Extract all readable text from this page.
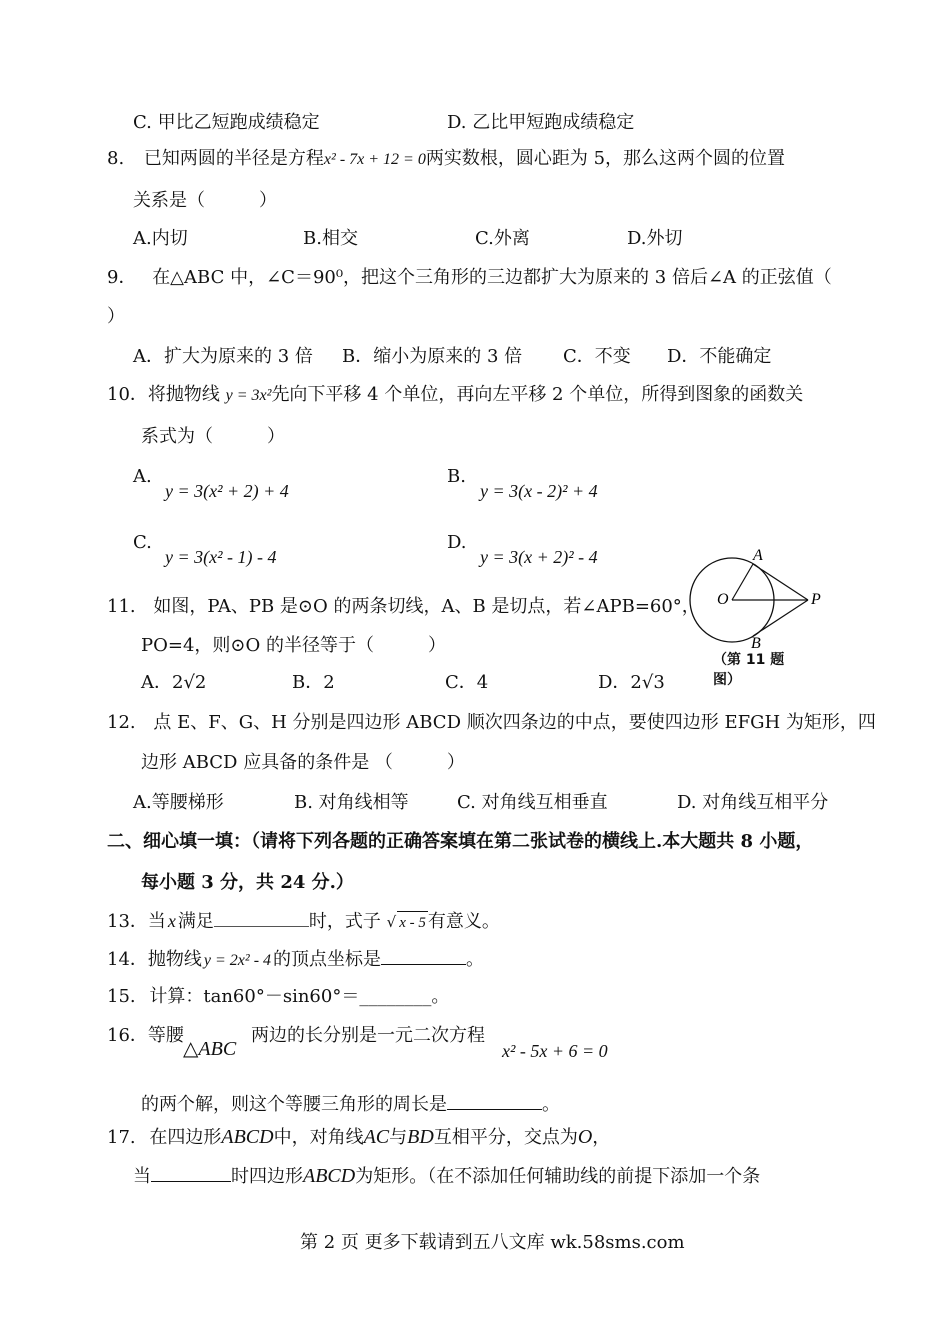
C. 甲比乙短跑成绩稳定	D. 乙比甲短跑成绩稳定
8. 已知两圆的半径是方程x² - 7x + 12 = 0两实数根，圆心距为 5，那么这两个圆的位置
关系是（　　　）
A.内切	B.相交	C.外离	D.外切
9． 在△ABC 中，∠C＝90⁰，把这个三角形的三边都扩大为原来的 3 倍后∠A 的正弦值（
）
A．扩大为原来的 3 倍 B．缩小为原来的 3 倍 C．不变 D．不能确定
10．将抛物线 y = 3x²先向下平移 4 个单位，再向左平移 2 个单位，所得到图象的函数关
系式为（　　　）
A.
y = 3(x² + 2) + 4
B.
y = 3(x - 2)² + 4
C.
y = 3(x² - 1) - 4
D.
y = 3(x + 2)² - 4	A
O	P
B
（第 11 题图）
11. 如图，PA、PB 是⊙O 的两条切线，A、B 是切点，若∠APB=60°，
PO=4，则⊙O 的半径等于（　　　）
A．2√2	B．2	C．4	D．2√3
12. 点 E、F、G、H 分别是四边形 ABCD 顺次四条边的中点，要使四边形 EFGH 为矩形，四
边形 ABCD 应具备的条件是 （　　　）
A.等腰梯形	B. 对角线相等	C. 对角线互相垂直	D. 对角线互相平分
二、细心填一填：（请将下列各题的正确答案填在第二张试卷的横线上.本大题共 8 小题，
每小题 3 分，共 24 分.）
13．当 x 满足	时，式子 √ x - 5 有意义。
14．抛物线 y = 2x² - 4 的顶点坐标是	。
15. 计算：tan60°－sin60°＝________。
16．等腰
△ABC
两边的长分别是一元二次方程
x² - 5x + 6 = 0
的两个解，则这个等腰三角形的周长是	。
17. 在四边形ABCD中，对角线AC与BD互相平分，交点为O，
当	时四边形ABCD为矩形。（在不添加任何辅助线的前提下添加一个条
第 2 页 更多下载请到五八文库 wk.58sms.com
